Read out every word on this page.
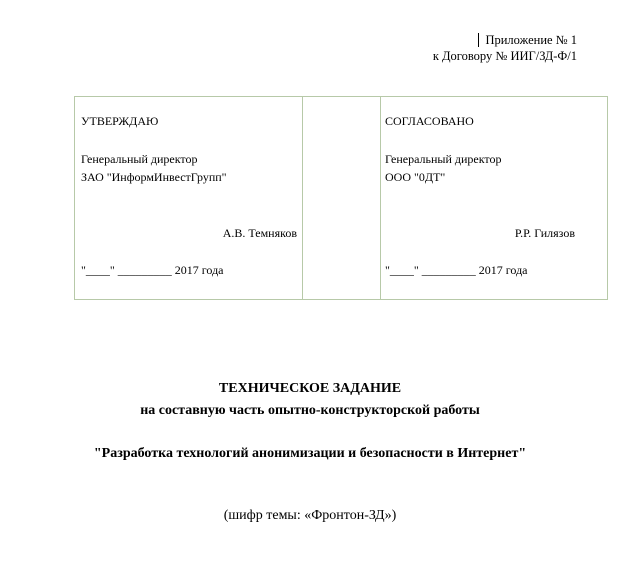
Приложение № 1
к Договору № ИИГ/ЗД-Ф/1
УТВЕРЖДАЮ
Генеральный директор
ЗАО "ИнформИнвестГрупп"
А.В. Темняков
"____" _________ 2017 года
СОГЛАСОВАНО
Генеральный директор
ООО "0ДТ"
Р.Р. Гилязов
"____" _________ 2017 года
ТЕХНИЧЕСКОЕ ЗАДАНИЕ
на составную часть опытно-конструкторской работы
"Разработка технологий анонимизации и безопасности в Интернет"
(шифр темы: «Фронтон-ЗД»)
